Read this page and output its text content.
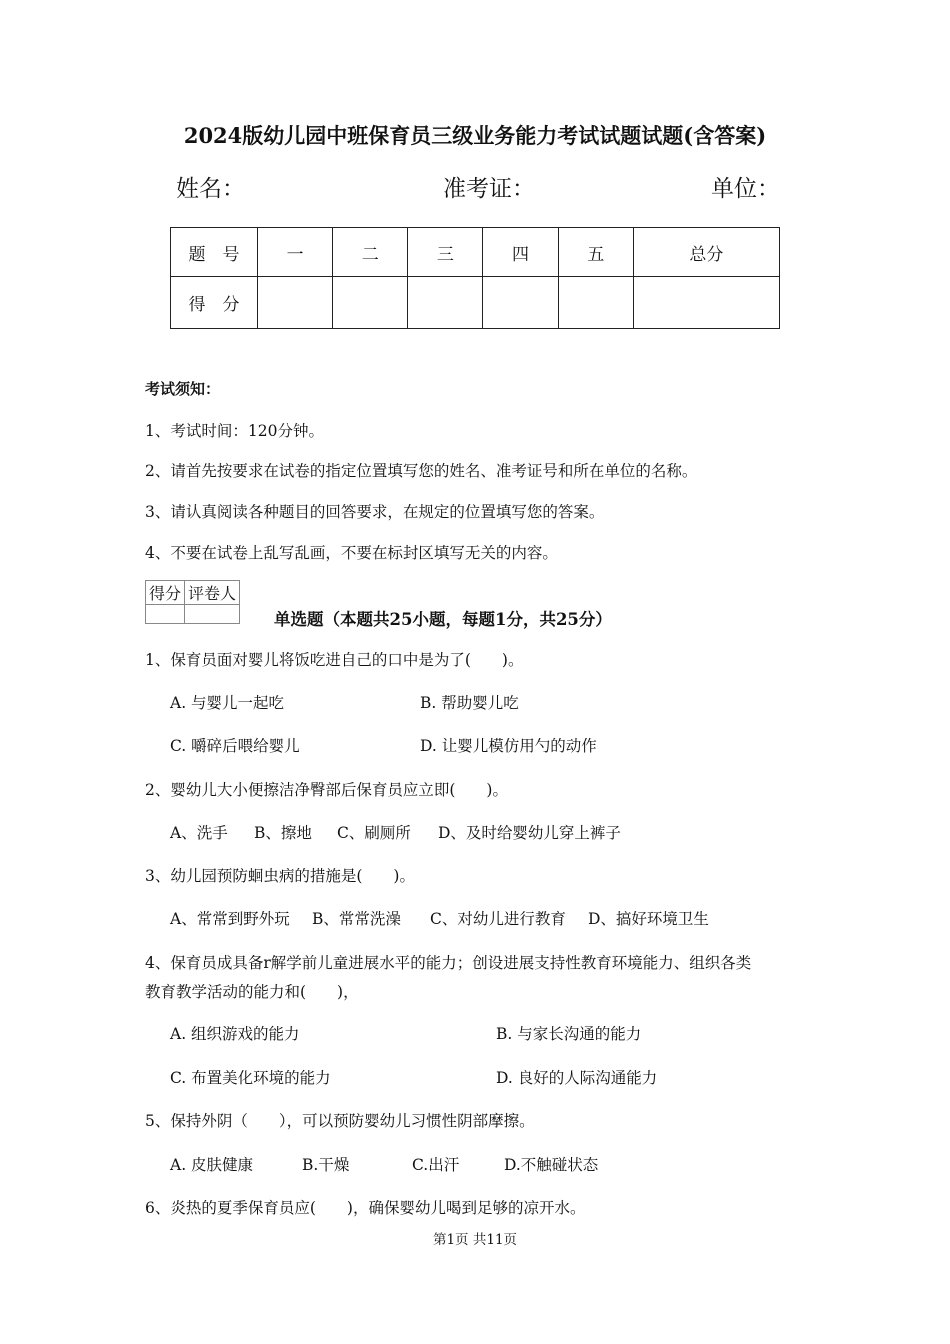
2024版幼儿园中班保育员三级业务能力考试试题试题(含答案)
姓名：	准考证：	单位：
题　号	一	二	三	四	五	总分
得　分						
考试须知：
1、考试时间：120分钟。
2、请首先按要求在试卷的指定位置填写您的姓名、准考证号和所在单位的名称。
3、请认真阅读各种题目的回答要求，在规定的位置填写您的答案。
4、不要在试卷上乱写乱画，不要在标封区填写无关的内容。
得分	评卷人

单选题（本题共25小题，每题1分，共25分）
1、保育员面对婴儿将饭吃进自己的口中是为了(　　)。
A. 与婴儿一起吃	B. 帮助婴儿吃
C. 嚼碎后喂给婴儿	D. 让婴儿模仿用勺的动作
2、婴幼儿大小便擦洁净臀部后保育员应立即(　　)。
A、洗手 B、擦地 C、刷厕所 D、及时给婴幼儿穿上裤子
3、幼儿园预防蛔虫病的措施是(　　)。
A、常常到野外玩 B、常常洗澡 C、对幼儿进行教育 D、搞好环境卫生
4、保育员成具备r解学前儿童进展水平的能力；创设进展支持性教育环境能力、组织各类
教育教学活动的能力和(　　)，
A. 组织游戏的能力	B. 与家长沟通的能力
C. 布置美化环境的能力	D. 良好的人际沟通能力
5、保持外阴（　　），可以预防婴幼儿习惯性阴部摩擦。
A. 皮肤健康	B.干燥	C.出汗	D.不触碰状态
6、炎热的夏季保育员应(　　)，确保婴幼儿喝到足够的凉开水。
第1页 共11页
